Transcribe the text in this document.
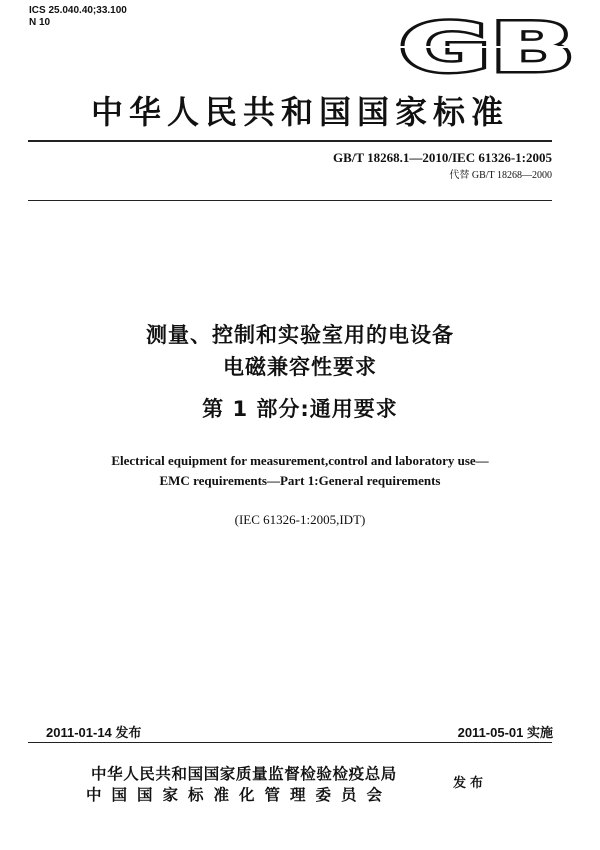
ICS 25.040.40;33.100
N 10	GB
中华人民共和国国家标准
GB/T 18268.1—2010/IEC 61326-1:2005
代替 GB/T 18268—2000
测量、控制和实验室用的电设备
电磁兼容性要求
第 1 部分:通用要求
Electrical equipment for measurement,control and laboratory use—
EMC requirements—Part 1:General requirements
(IEC 61326-1:2005,IDT)
2011-01-14 发布	2011-05-01 实施
中华人民共和国国家质量监督检验检疫总局
中国国家标准化管理委员会
发布
